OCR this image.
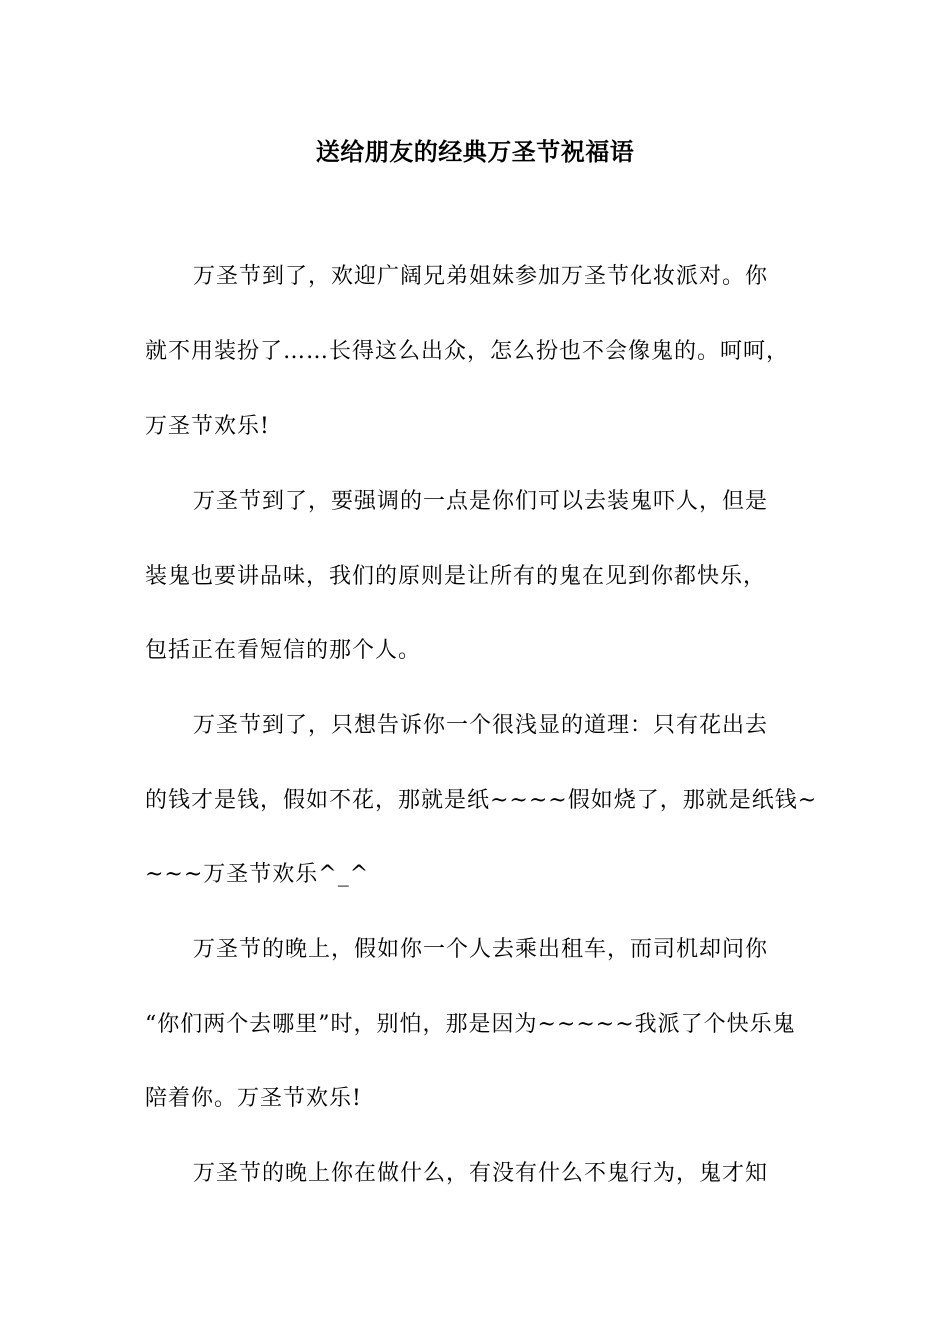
送给朋友的经典万圣节祝福语
万圣节到了，欢迎广阔兄弟姐妹参加万圣节化妆派对。你
就不用装扮了……长得这么出众，怎么扮也不会像鬼的。呵呵，
万圣节欢乐!
万圣节到了，要强调的一点是你们可以去装鬼吓人，但是
装鬼也要讲品味，我们的原则是让所有的鬼在见到你都快乐，
包括正在看短信的那个人。
万圣节到了，只想告诉你一个很浅显的道理：只有花出去
的钱才是钱，假如不花，那就是纸~~~~假如烧了，那就是纸钱~
~~~万圣节欢乐^_^
万圣节的晚上，假如你一个人去乘出租车，而司机却问你
“你们两个去哪里”时，别怕，那是因为~~~~~我派了个快乐鬼
陪着你。万圣节欢乐!
万圣节的晚上你在做什么，有没有什么不鬼行为，鬼才知
